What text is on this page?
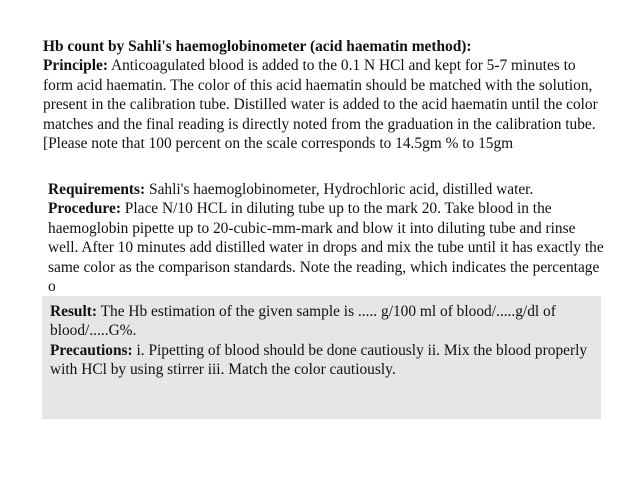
Hb count by Sahli's haemoglobinometer (acid haematin method):
Principle: Anticoagulated blood is added to the 0.1 N HCl and kept for 5-7 minutes to form acid haematin. The color of this acid haematin should be matched with the solution, present in the calibration tube. Distilled water is added to the acid haematin until the color matches and the final reading is directly noted from the graduation in the calibration tube. [Please note that 100 percent on the scale corresponds to 14.5gm % to 15gm
Requirements: Sahli's haemoglobinometer, Hydrochloric acid, distilled water.
Procedure: Place N/10 HCL in diluting tube up to the mark 20. Take blood in the haemoglobin pipette up to 20-cubic-mm-mark and blow it into diluting tube and rinse well. After 10 minutes add distilled water in drops and mix the tube until it has exactly the same color as the comparison standards. Note the reading, which indicates the percentage o
Result: The Hb estimation of the given sample is ..... g/100 ml of blood/.....g/dl of blood/.....G%.
Precautions: i. Pipetting of blood should be done cautiously ii. Mix the blood properly with HCl by using stirrer iii. Match the color cautiously.
